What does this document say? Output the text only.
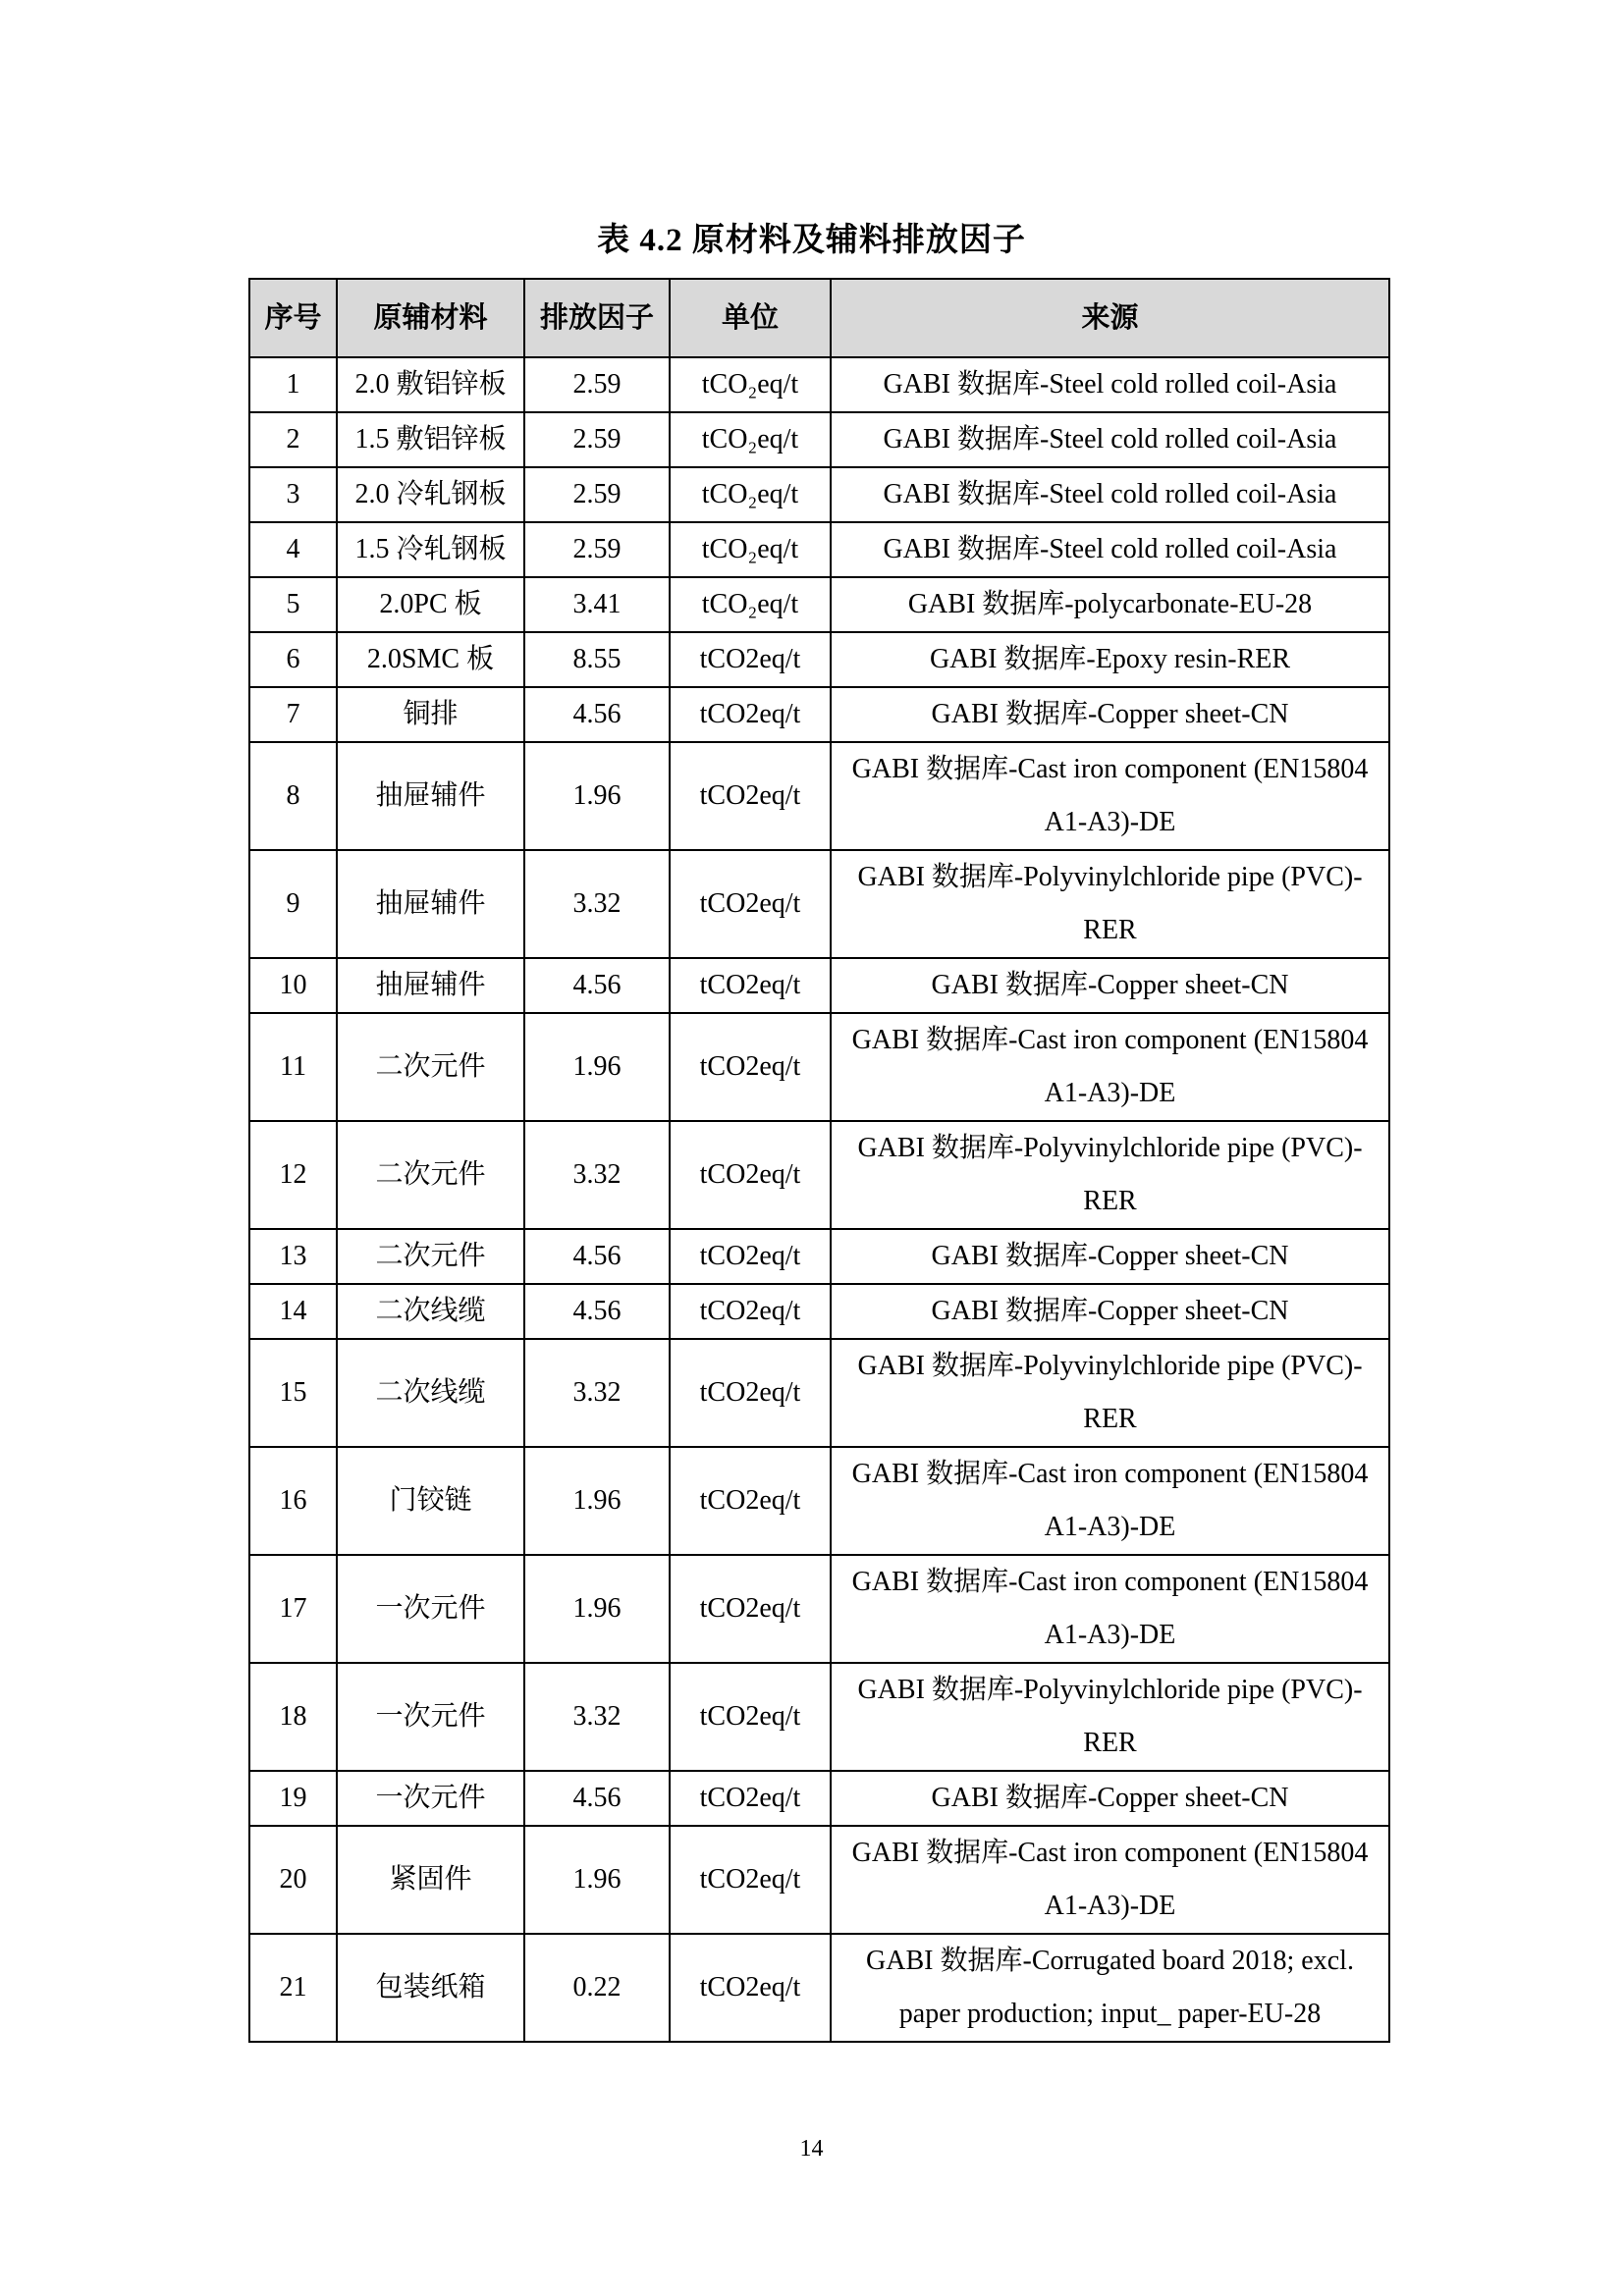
表 4.2 原材料及辅料排放因子
序号	原辅材料	排放因子	单位	来源
1	2.0 敷铝锌板	2.59	tCO₂eq/t	GABI 数据库-Steel cold rolled coil-Asia
2	1.5 敷铝锌板	2.59	tCO₂eq/t	GABI 数据库-Steel cold rolled coil-Asia
3	2.0 冷轧钢板	2.59	tCO₂eq/t	GABI 数据库-Steel cold rolled coil-Asia
4	1.5 冷轧钢板	2.59	tCO₂eq/t	GABI 数据库-Steel cold rolled coil-Asia
5	2.0PC 板	3.41	tCO₂eq/t	GABI 数据库-polycarbonate-EU-28
6	2.0SMC 板	8.55	tCO2eq/t	GABI 数据库-Epoxy resin-RER
7	铜排	4.56	tCO2eq/t	GABI 数据库-Copper sheet-CN
8	抽屉辅件	1.96	tCO2eq/t	GABI 数据库-Cast iron component (EN15804 A1-A3)-DE
9	抽屉辅件	3.32	tCO2eq/t	GABI 数据库-Polyvinylchloride pipe (PVC)-RER
10	抽屉辅件	4.56	tCO2eq/t	GABI 数据库-Copper sheet-CN
11	二次元件	1.96	tCO2eq/t	GABI 数据库-Cast iron component (EN15804 A1-A3)-DE
12	二次元件	3.32	tCO2eq/t	GABI 数据库-Polyvinylchloride pipe (PVC)-RER
13	二次元件	4.56	tCO2eq/t	GABI 数据库-Copper sheet-CN
14	二次线缆	4.56	tCO2eq/t	GABI 数据库-Copper sheet-CN
15	二次线缆	3.32	tCO2eq/t	GABI 数据库-Polyvinylchloride pipe (PVC)-RER
16	门铰链	1.96	tCO2eq/t	GABI 数据库-Cast iron component (EN15804 A1-A3)-DE
17	一次元件	1.96	tCO2eq/t	GABI 数据库-Cast iron component (EN15804 A1-A3)-DE
18	一次元件	3.32	tCO2eq/t	GABI 数据库-Polyvinylchloride pipe (PVC)-RER
19	一次元件	4.56	tCO2eq/t	GABI 数据库-Copper sheet-CN
20	紧固件	1.96	tCO2eq/t	GABI 数据库-Cast iron component (EN15804 A1-A3)-DE
21	包装纸箱	0.22	tCO2eq/t	GABI 数据库-Corrugated board 2018; excl. paper production; input_ paper-EU-28
14
